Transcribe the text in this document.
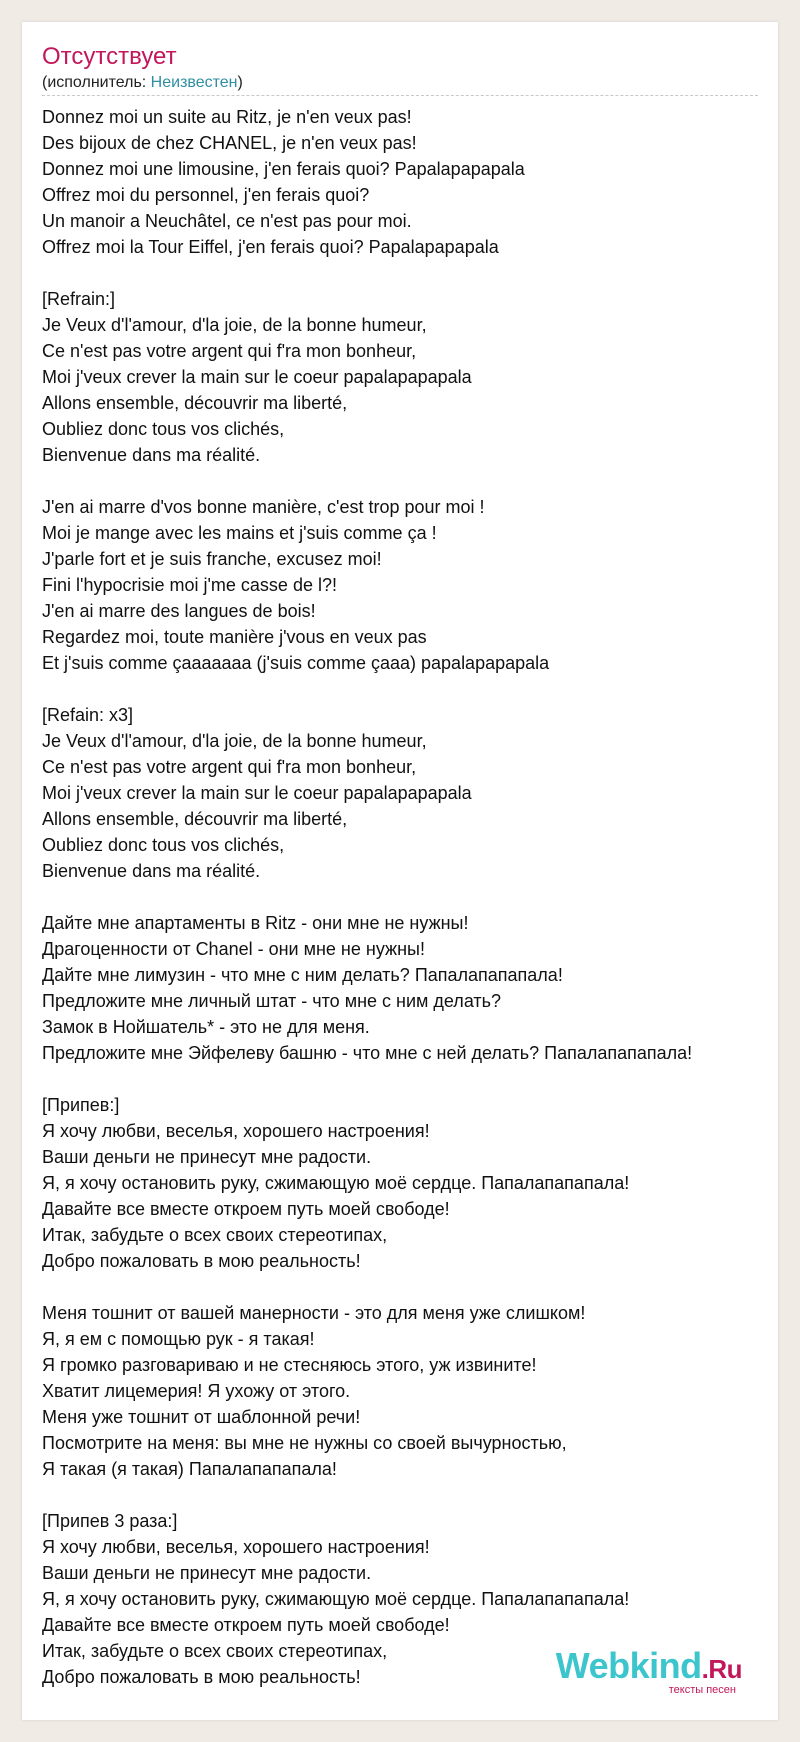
Отсутствует
(исполнитель: Неизвестен)
Donnez moi un suite au Ritz, je n'en veux pas!
Des bijoux de chez CHANEL, je n'en veux pas!
Donnez moi une limousine, j'en ferais quoi? Papalapapapala
Offrez moi du personnel, j'en ferais quoi?
Un manoir a Neuchâtel, ce n'est pas pour moi.
Offrez moi la Tour Eiffel, j'en ferais quoi? Papalapapapala
[Refrain:]
Je Veux d'l'amour, d'la joie, de la bonne humeur,
Ce n'est pas votre argent qui f'ra mon bonheur,
Moi j'veux crever la main sur le coeur papalapapapala
Allons ensemble, découvrir ma liberté,
Oubliez donc tous vos clichés,
Bienvenue dans ma réalité.
J'en ai marre d'vos bonne manière, c'est trop pour moi !
Moi je mange avec les mains et j'suis comme ça !
J'parle fort et je suis franche, excusez moi!
Fini l'hypocrisie moi j'me casse de l?!
J'en ai marre des langues de bois!
Regardez moi, toute manière j'vous en veux pas
Et j'suis comme çaaaaaaa (j'suis comme çaaa) papalapapapala
[Refain: x3]
Je Veux d'l'amour, d'la joie, de la bonne humeur,
Ce n'est pas votre argent qui f'ra mon bonheur,
Moi j'veux crever la main sur le coeur papalapapapala
Allons ensemble, découvrir ma liberté,
Oubliez donc tous vos clichés,
Bienvenue dans ma réalité.
Дайте мне апартаменты в Ritz - они мне не нужны!
Драгоценности от Chanel - они мне не нужны!
Дайте мне лимузин - что мне с ним делать? Папалапапапала!
Предложите мне личный штат - что мне с ним делать?
Замок в Нойшатель* - это не для меня.
Предложите мне Эйфелеву башню - что мне с ней делать? Папалапапапала!
[Припев:]
Я хочу любви, веселья, хорошего настроения!
Ваши деньги не принесут мне радости.
Я, я хочу остановить руку, сжимающую моё сердце. Папалапапапала!
Давайте все вместе откроем путь моей свободе!
Итак, забудьте о всех своих стереотипах,
Добро пожаловать в мою реальность!
Меня тошнит от вашей манерности - это для меня уже слишком!
Я, я ем с помощью рук - я такая!
Я громко разговариваю и не стесняюсь этого, уж извините!
Хватит лицемерия! Я ухожу от этого.
Меня уже тошнит от шаблонной речи!
Посмотрите на меня: вы мне не нужны со своей вычурностью,
Я такая (я такая) Папалапапапала!
[Припев 3 раза:]
Я хочу любви, веселья, хорошего настроения!
Ваши деньги не принесут мне радости.
Я, я хочу остановить руку, сжимающую моё сердце. Папалапапапала!
Давайте все вместе откроем путь моей свободе!
Итак, забудьте о всех своих стереотипах,
Добро пожаловать в мою реальность!	Webkind.Ru
тексты песен
